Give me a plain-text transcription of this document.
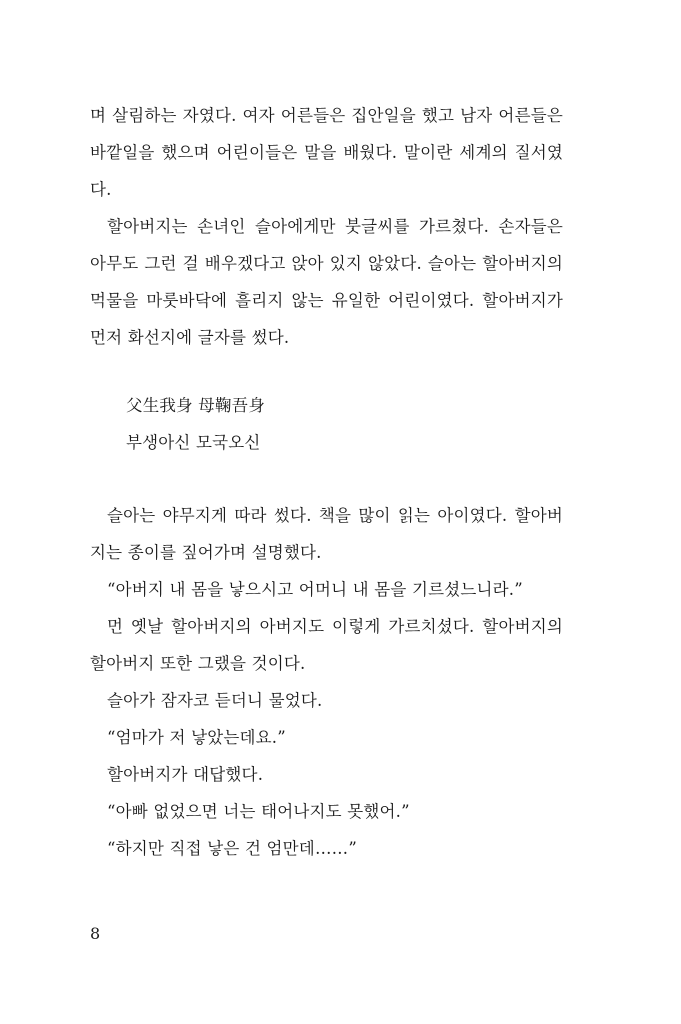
며 살림하는 자였다. 여자 어른들은 집안일을 했고 남자 어른들은 바깥일을 했으며 어린이들은 말을 배웠다. 말이란 세계의 질서였다.

할아버지는 손녀인 슬아에게만 붓글씨를 가르쳤다. 손자들은 아무도 그런 걸 배우겠다고 앉아 있지 않았다. 슬아는 할아버지의 먹물을 마룻바닥에 흘리지 않는 유일한 어린이였다. 할아버지가 먼저 화선지에 글자를 썼다.

父生我身 母鞠吾身

부생아신 모국오신

슬아는 야무지게 따라 썼다. 책을 많이 읽는 아이였다. 할아버지는 종이를 짚어가며 설명했다.

“아버지 내 몸을 낳으시고 어머니 내 몸을 기르셨느니라.”

먼 옛날 할아버지의 아버지도 이렇게 가르치셨다. 할아버지의 할아버지 또한 그랬을 것이다.

슬아가 잠자코 듣더니 물었다.

“엄마가 저 낳았는데요.”

할아버지가 대답했다.

“아빠 없었으면 너는 태어나지도 못했어.”

“하지만 직접 낳은 건 엄만데……”

8
